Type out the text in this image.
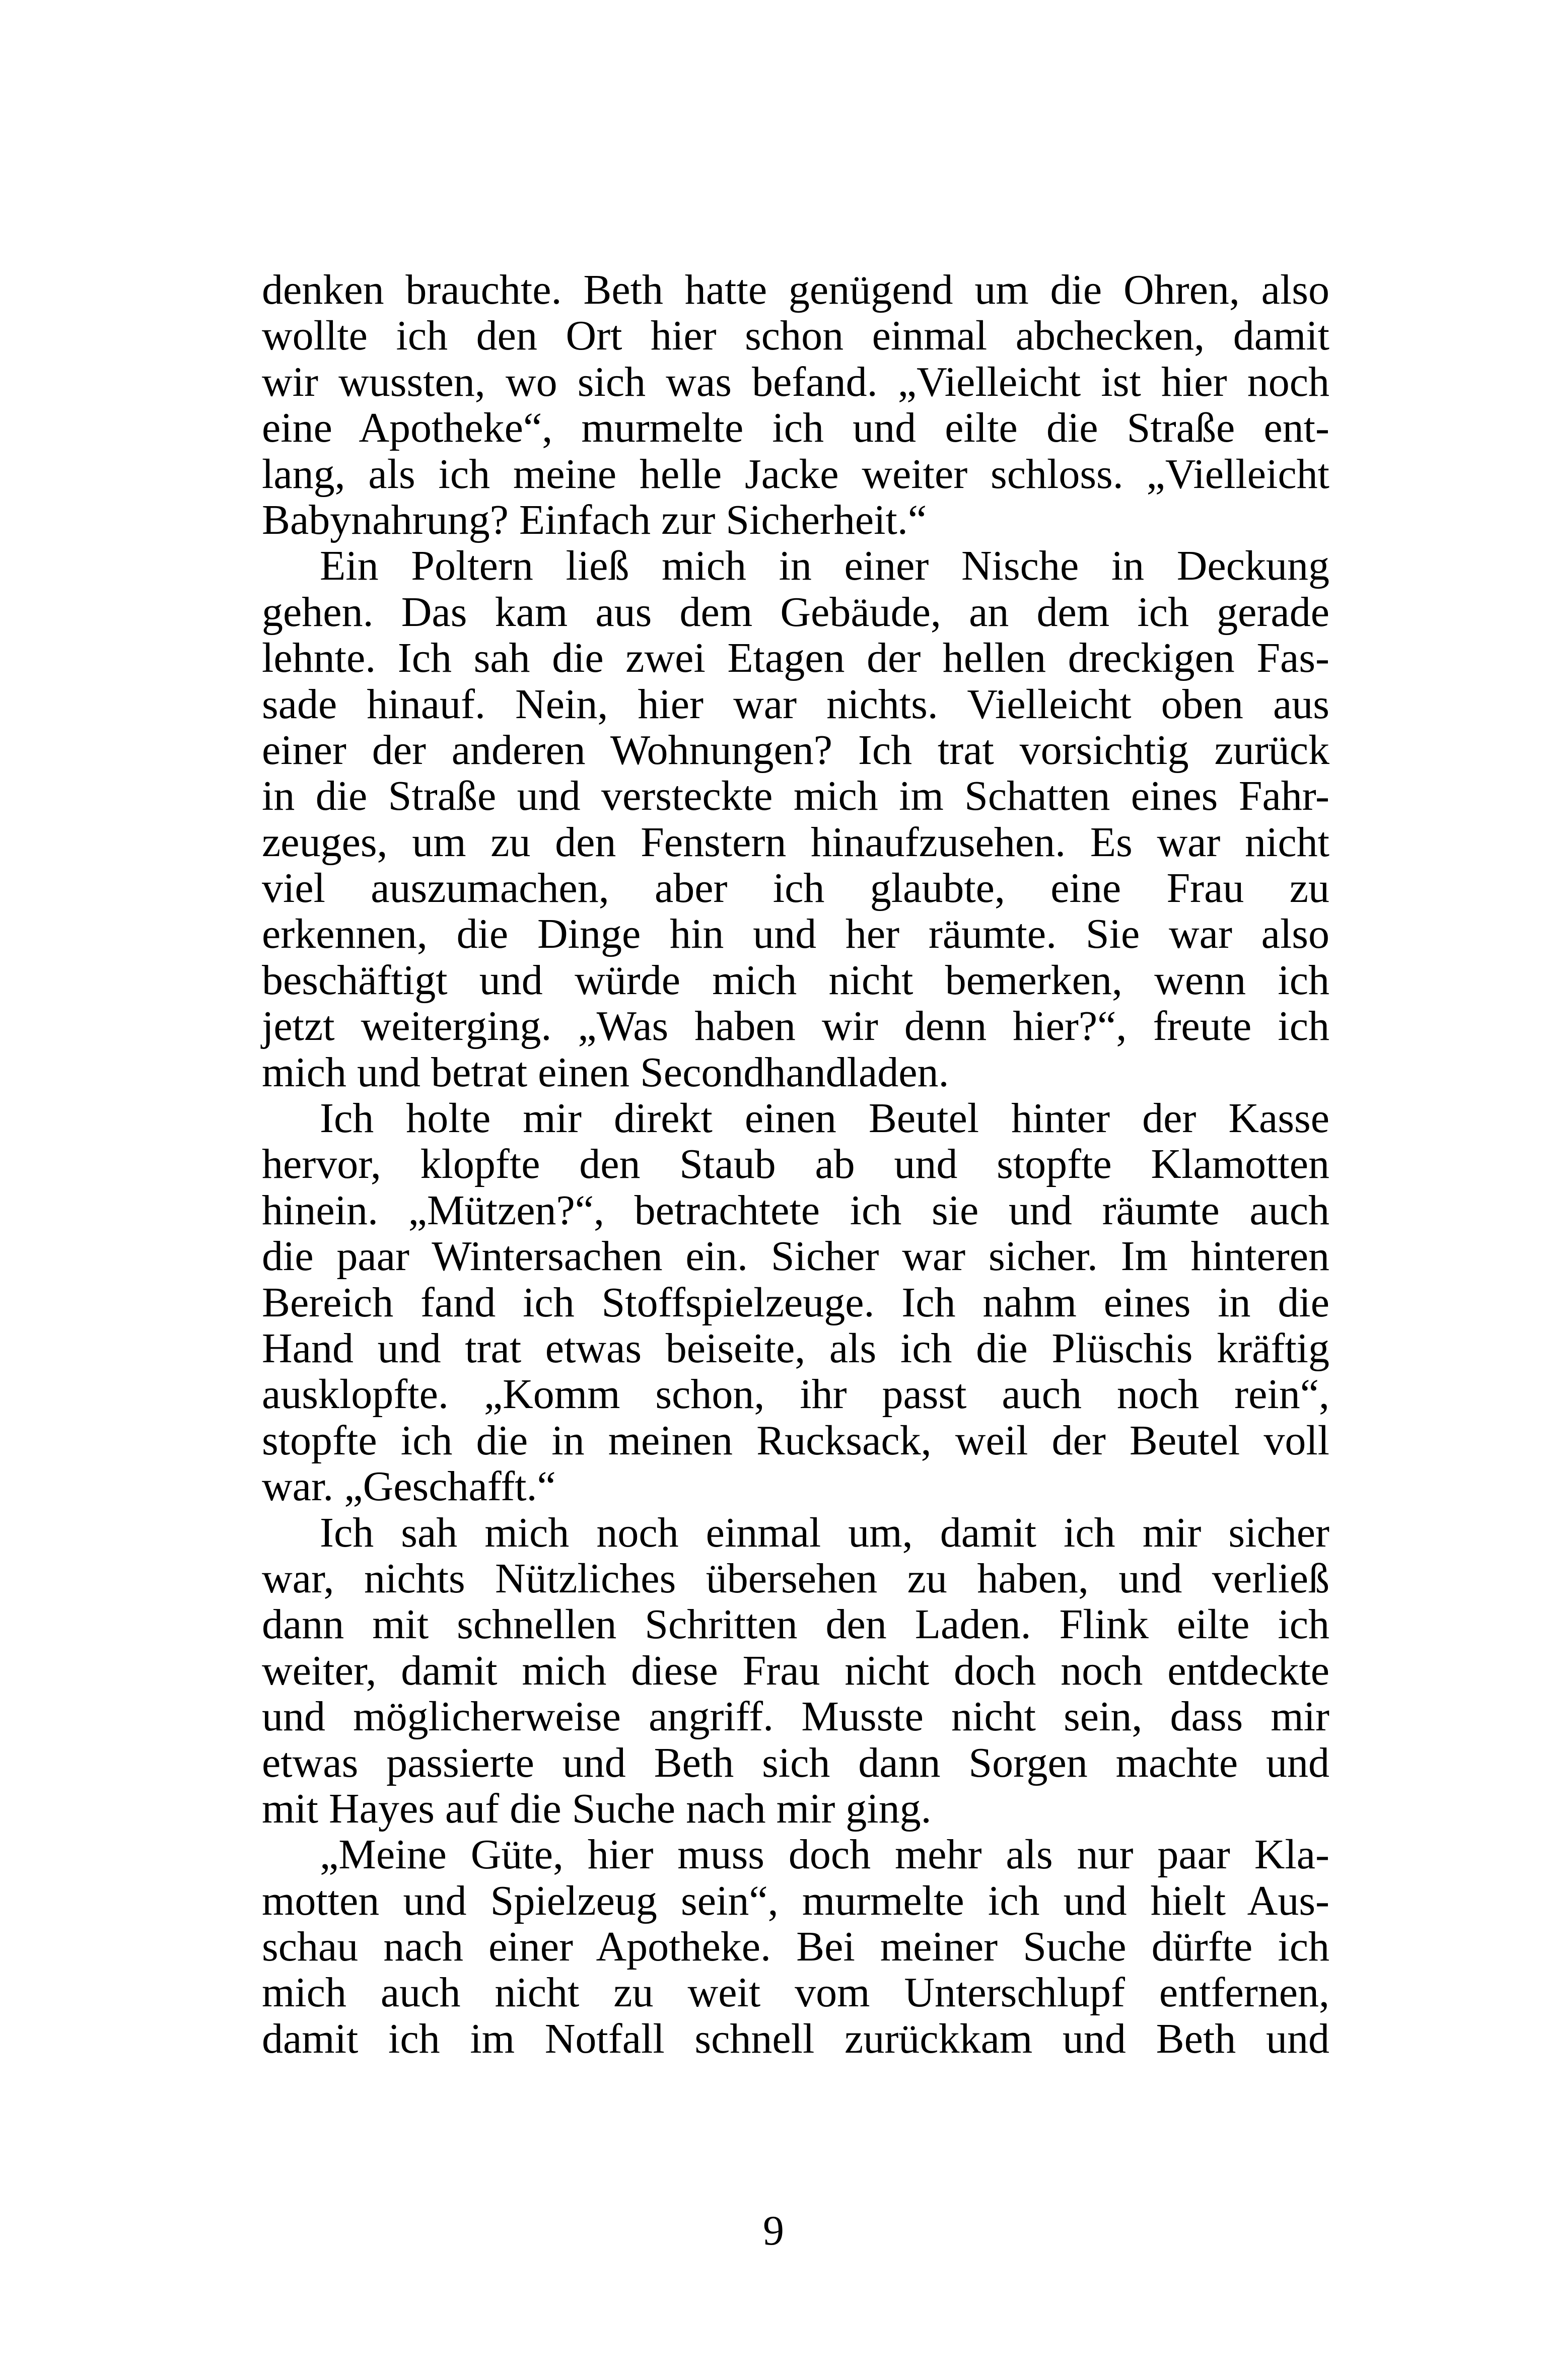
denken brauchte. Beth hatte genügend um die Ohren, also
wollte ich den Ort hier schon einmal abchecken, damit
wir wussten, wo sich was befand. „Vielleicht ist hier noch
eine Apotheke“, murmelte ich und eilte die Straße ent-
lang, als ich meine helle Jacke weiter schloss. „Vielleicht
Babynahrung? Einfach zur Sicherheit.“
Ein Poltern ließ mich in einer Nische in Deckung
gehen. Das kam aus dem Gebäude, an dem ich gerade
lehnte. Ich sah die zwei Etagen der hellen dreckigen Fas-
sade hinauf. Nein, hier war nichts. Vielleicht oben aus
einer der anderen Wohnungen? Ich trat vorsichtig zurück
in die Straße und versteckte mich im Schatten eines Fahr-
zeuges, um zu den Fenstern hinaufzusehen. Es war nicht
viel auszumachen, aber ich glaubte, eine Frau zu
erkennen, die Dinge hin und her räumte. Sie war also
beschäftigt und würde mich nicht bemerken, wenn ich
jetzt weiterging. „Was haben wir denn hier?“, freute ich
mich und betrat einen Secondhandladen.
Ich holte mir direkt einen Beutel hinter der Kasse
hervor, klopfte den Staub ab und stopfte Klamotten
hinein. „Mützen?“, betrachtete ich sie und räumte auch
die paar Wintersachen ein. Sicher war sicher. Im hinteren
Bereich fand ich Stoffspielzeuge. Ich nahm eines in die
Hand und trat etwas beiseite, als ich die Plüschis kräftig
ausklopfte. „Komm schon, ihr passt auch noch rein“,
stopfte ich die in meinen Rucksack, weil der Beutel voll
war. „Geschafft.“
Ich sah mich noch einmal um, damit ich mir sicher
war, nichts Nützliches übersehen zu haben, und verließ
dann mit schnellen Schritten den Laden. Flink eilte ich
weiter, damit mich diese Frau nicht doch noch entdeckte
und möglicherweise angriff. Musste nicht sein, dass mir
etwas passierte und Beth sich dann Sorgen machte und
mit Hayes auf die Suche nach mir ging.
„Meine Güte, hier muss doch mehr als nur paar Kla-
motten und Spielzeug sein“, murmelte ich und hielt Aus-
schau nach einer Apotheke. Bei meiner Suche dürfte ich
mich auch nicht zu weit vom Unterschlupf entfernen,
damit ich im Notfall schnell zurückkam und Beth und
9
